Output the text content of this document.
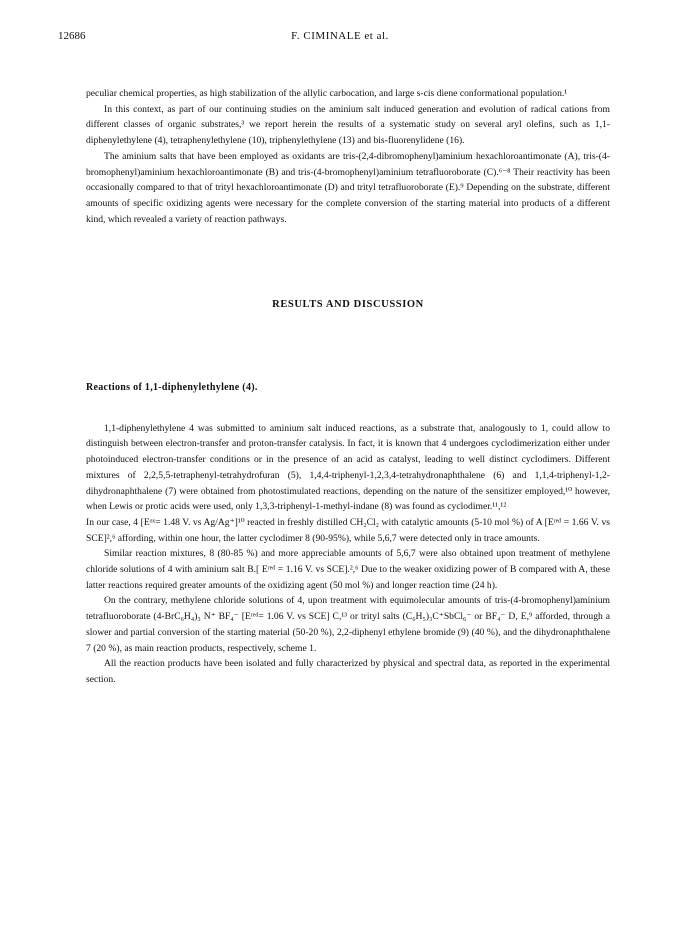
12686	F. CIMINALE et al.

peculiar chemical properties, as high stabilization of the allylic carbocation, and large s-cis diene conformational population.¹

In this context, as part of our continuing studies on the aminium salt induced generation and evolution of radical cations from different classes of organic substrates,³ we report herein the results of a systematic study on several aryl olefins, such as 1,1-diphenylethylene (4), tetraphenylethylene (10), triphenylethylene (13) and bis-fluorenylidene (16).

The aminium salts that have been employed as oxidants are tris-(2,4-dibromophenyl)aminium hexachloroantimonate (A), tris-(4-bromophenyl)aminium hexachloroantimonate (B) and tris-(4-bromophenyl)aminium tetrafluoroborate (C).⁶⁻⁸ Their reactivity has been occasionally compared to that of trityl hexachloroantimonate (D) and trityl tetrafluoroborate (E).⁹ Depending on the substrate, different amounts of specific oxidizing agents were necessary for the complete conversion of the starting material into products of a different kind, which revealed a variety of reaction pathways.

RESULTS AND DISCUSSION

Reactions of 1,1-diphenylethylene (4).

1,1-diphenylethylene 4 was submitted to aminium salt induced reactions, as a substrate that, analogously to 1, could allow to distinguish between electron-transfer and proton-transfer catalysis. In fact, it is known that 4 undergoes cyclodimerization either under photoinduced electron-transfer conditions or in the presence of an acid as catalyst, leading to well distinct cyclodimers. Different mixtures of 2,2,5,5-tetraphenyl-tetrahydrofuran (5), 1,4,4-triphenyl-1,2,3,4-tetrahydronaphthalene (6) and 1,1,4-triphenyl-1,2-dihydronaphthalene (7) were obtained from photostimulated reactions, depending on the nature of the sensitizer employed,¹⁰ however, when Lewis or protic acids were used, only 1,3,3-triphenyl-1-methyl-indane (8) was found as cyclodimer.¹¹,¹²

In our case, 4 [Eᵒˣ= 1.48 V. vs Ag/Ag⁺]¹⁰ reacted in freshly distilled CH₂Cl₂ with catalytic amounts (5-10 mol %) of A [Eʳᵉᵈ = 1.66 V. vs SCE]²,⁶ affording, within one hour, the latter cyclodimer 8 (90-95%), while 5,6,7 were detected only in trace amounts.

Similar reaction mixtures, 8 (80-85 %) and more appreciable amounts of 5,6,7 were also obtained upon treatment of methylene chloride solutions of 4 with aminium salt B.[ Eʳᵉᵈ = 1.16 V. vs SCE].²,⁶ Due to the weaker oxidizing power of B compared with A, these latter reactions required greater amounts of the oxidizing agent (50 mol %) and longer reaction time (24 h).

On the contrary, methylene chloride solutions of 4, upon treatment with equimolecular amounts of tris-(4-bromophenyl)aminium tetrafluoroborate (4-BrC₆H₄)₃ N⁺ BF₄⁻ [Eʳᵉᵈ= 1.06 V. vs SCE] C,¹³ or trityl salts (C₆H₅)₃C⁺SbCl₆⁻ or BF₄⁻ D, E,⁹ afforded, through a slower and partial conversion of the starting material (50-20 %), 2,2-diphenyl ethylene bromide (9) (40 %), and the dihydronaphthalene 7 (20 %), as main reaction products, respectively, scheme 1.

All the reaction products have been isolated and fully characterized by physical and spectral data, as reported in the experimental section.
